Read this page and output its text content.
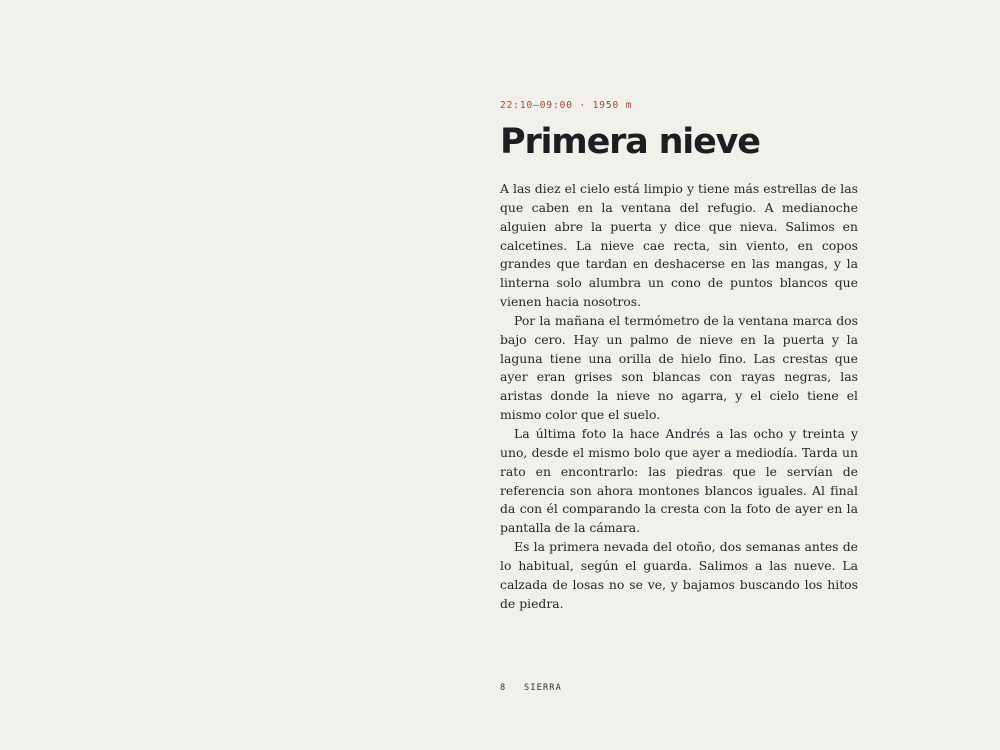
22:10–09:00 · 1950 m
Primera nieve

A las diez el cielo está limpio y tiene más estrellas de las que caben en la ventana del refugio. A medianoche alguien abre la puerta y dice que nieva. Salimos en calcetines. La nieve cae recta, sin viento, en copos grandes que tardan en deshacerse en las mangas, y la linterna solo alumbra un cono de puntos blancos que vienen hacia nosotros.

Por la mañana el termómetro de la ventana marca dos bajo cero. Hay un palmo de nieve en la puerta y la laguna tiene una orilla de hielo fino. Las crestas que ayer eran grises son blancas con rayas negras, las aristas donde la nieve no agarra, y el cielo tiene el mismo color que el suelo.

La última foto la hace Andrés a las ocho y treinta y uno, desde el mismo bolo que ayer a mediodía. Tarda un rato en encontrarlo: las piedras que le servían de referencia son ahora montones blancos iguales. Al final da con él comparando la cresta con la foto de ayer en la pantalla de la cámara.

Es la primera nevada del otoño, dos semanas antes de lo habitual, según el guarda. Salimos a las nueve. La calzada de losas no se ve, y bajamos buscando los hitos de piedra.

8 SIERRA
